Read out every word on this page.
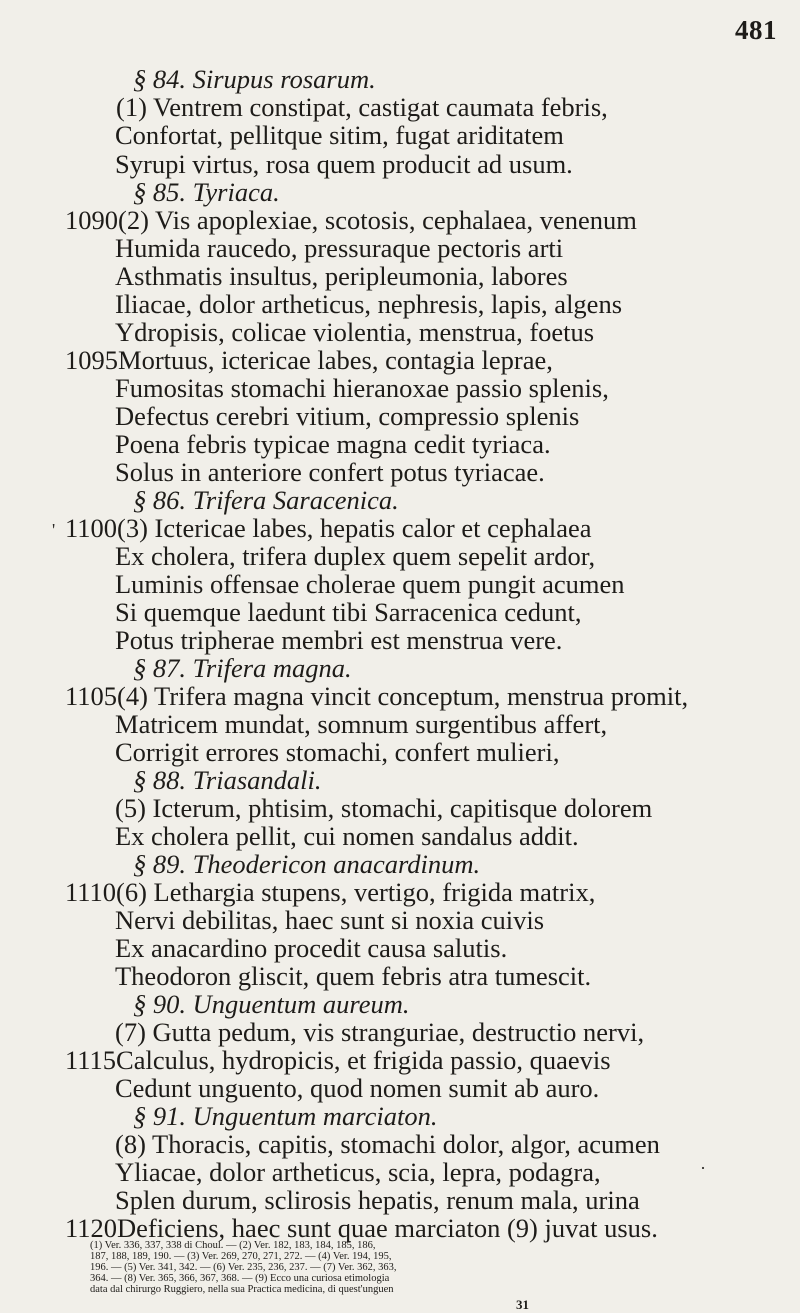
481
§ 84. Sirupus rosarum.
(1) Ventrem constipat, castigat caumata febris,
Confortat, pellitque sitim, fugat ariditatem
Syrupi virtus, rosa quem producit ad usum.
§ 85. Tyriaca.
1090(2) Vis apoplexiae, scotosis, cephalaea, venenum
Humida raucedo, pressuraque pectoris arti
Asthmatis insultus, peripleumonia, labores
Iliacae, dolor artheticus, nephresis, lapis, algens
Ydropisis, colicae violentia, menstrua, foetus
1095Mortuus, ictericae labes, contagia leprae,
Fumositas stomachi hieranoxae passio splenis,
Defectus cerebri vitium, compressio splenis
Poena febris typicae magna cedit tyriaca.
Solus in anteriore confert potus tyriacae.
§ 86. Trifera Saracenica.
1100(3) Ictericae labes, hepatis calor et cephalaea
Ex cholera, trifera duplex quem sepelit ardor,
Luminis offensae cholerae quem pungit acumen
Si quemque laedunt tibi Sarracenica cedunt,
Potus tripherae membri est menstrua vere.
§ 87. Trifera magna.
1105(4) Trifera magna vincit conceptum, menstrua promit,
Matricem mundat, somnum surgentibus affert,
Corrigit errores stomachi, confert mulieri,
§ 88. Triasandali.
(5) Icterum, phtisim, stomachi, capitisque dolorem
Ex cholera pellit, cui nomen sandalus addit.
§ 89. Theodericon anacardinum.
1110(6) Lethargia stupens, vertigo, frigida matrix,
Nervi debilitas, haec sunt si noxia cuivis
Ex anacardino procedit causa salutis.
Theodoron gliscit, quem febris atra tumescit.
§ 90. Unguentum aureum.
(7) Gutta pedum, vis stranguriae, destructio nervi,
1115Calculus, hydropicis, et frigida passio, quaevis
Cedunt unguento, quod nomen sumit ab auro.
§ 91. Unguentum marciaton.
(8) Thoracis, capitis, stomachi dolor, algor, acumen
Yliacae, dolor artheticus, scia, lepra, podagra,
Splen durum, sclirosis hepatis, renum mala, urina
1120Deficiens, haec sunt quae marciaton (9) juvat usus.
(1) Ver. 336, 337, 338 di Choul. — (2) Ver. 182, 183, 184, 185, 186,
187, 188, 189, 190. — (3) Ver. 269, 270, 271, 272. — (4) Ver. 194, 195,
196. — (5) Ver. 341, 342. — (6) Ver. 235, 236, 237. — (7) Ver. 362, 363,
364. — (8) Ver. 365, 366, 367, 368. — (9) Ecco una curiosa etimologia
data dal chirurgo Ruggiero, nella sua Practica medicina, di quest'unguen
31
'
·
